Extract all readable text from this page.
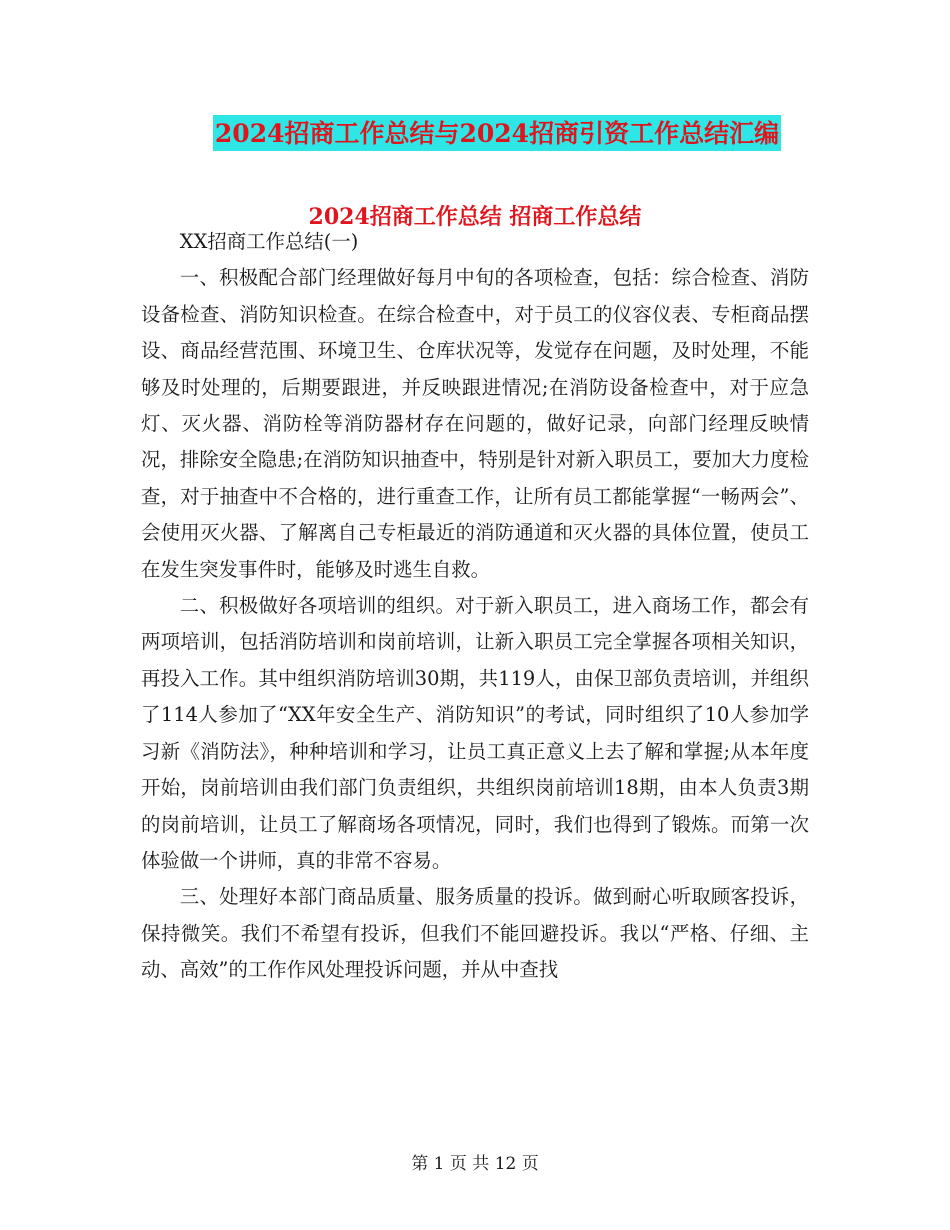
2024招商工作总结与2024招商引资工作总结汇编
2024招商工作总结 招商工作总结

XX招商工作总结(一)

一、积极配合部门经理做好每月中旬的各项检查，包括：综合检查、消防设备检查、消防知识检查。在综合检查中，对于员工的仪容仪表、专柜商品摆设、商品经营范围、环境卫生、仓库状况等，发觉存在问题，及时处理，不能够及时处理的，后期要跟进，并反映跟进情况;在消防设备检查中，对于应急灯、灭火器、消防栓等消防器材存在问题的，做好记录，向部门经理反映情况，排除安全隐患;在消防知识抽查中，特别是针对新入职员工，要加大力度检查，对于抽查中不合格的，进行重查工作，让所有员工都能掌握“一畅两会”、会使用灭火器、了解离自己专柜最近的消防通道和灭火器的具体位置，使员工在发生突发事件时，能够及时逃生自救。

二、积极做好各项培训的组织。对于新入职员工，进入商场工作，都会有两项培训，包括消防培训和岗前培训，让新入职员工完全掌握各项相关知识，再投入工作。其中组织消防培训30期，共119人，由保卫部负责培训，并组织了114人参加了“XX年安全生产、消防知识”的考试，同时组织了10人参加学习新《消防法》，种种培训和学习，让员工真正意义上去了解和掌握;从本年度开始，岗前培训由我们部门负责组织，共组织岗前培训18期，由本人负责3期的岗前培训，让员工了解商场各项情况，同时，我们也得到了锻炼。而第一次体验做一个讲师，真的非常不容易。

三、处理好本部门商品质量、服务质量的投诉。做到耐心听取顾客投诉，保持微笑。我们不希望有投诉，但我们不能回避投诉。我以“严格、仔细、主动、高效”的工作作风处理投诉问题，并从中查找

第 1 页 共 12 页
